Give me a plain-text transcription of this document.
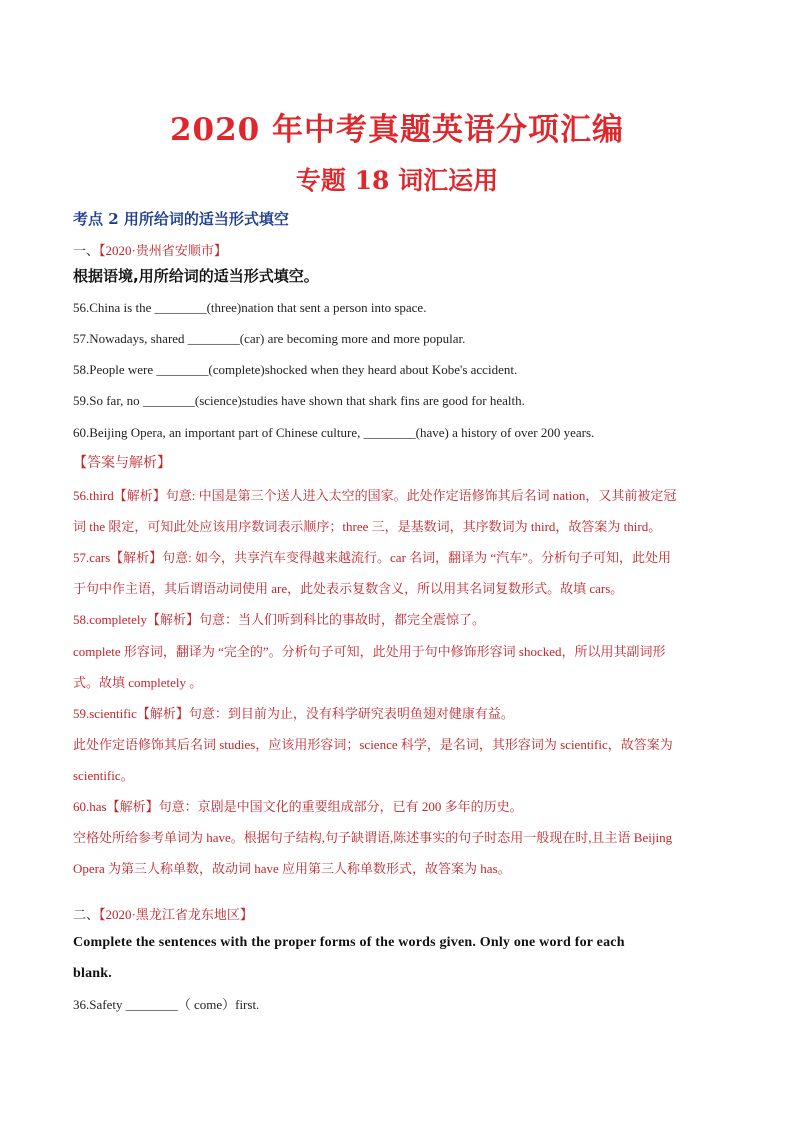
2020 年中考真题英语分项汇编
专题 18 词汇运用
考点 2 用所给词的适当形式填空
一、【2020·贵州省安顺市】
根据语境,用所给词的适当形式填空。
56.China is the ________(three)nation that sent a person into space.
57.Nowadays, shared ________(car) are becoming more and more popular.
58.People were ________(complete)shocked when they heard about Kobe's accident.
59.So far, no ________(science)studies have shown that shark fins are good for health.
60.Beijing Opera, an important part of Chinese culture, ________(have) a history of over 200 years.
【答案与解析】
56.third【解析】句意: 中国是第三个送人进入太空的国家。此处作定语修饰其后名词 nation，又其前被定冠
词 the 限定，可知此处应该用序数词表示顺序；three 三，是基数词，其序数词为 third，故答案为 third。
57.cars【解析】句意: 如今，共享汽车变得越来越流行。car 名词，翻译为 “汽车”。分析句子可知，此处用
于句中作主语，其后谓语动词使用 are，此处表示复数含义，所以用其名词复数形式。故填 cars。
58.completely【解析】句意：当人们听到科比的事故时，都完全震惊了。
complete 形容词，翻译为 “完全的”。分析句子可知，此处用于句中修饰形容词 shocked，所以用其副词形
式。故填 completely 。
59.scientific【解析】句意：到目前为止，没有科学研究表明鱼翅对健康有益。
此处作定语修饰其后名词 studies，应该用形容词；science 科学，是名词，其形容词为 scientific，故答案为
scientific。
60.has【解析】句意：京剧是中国文化的重要组成部分，已有 200 多年的历史。
空格处所给参考单词为 have。根据句子结构,句子缺谓语,陈述事实的句子时态用一般现在时,且主语 Beijing
Opera 为第三人称单数，故动词 have 应用第三人称单数形式，故答案为 has。
二、【2020·黑龙江省龙东地区】
Complete the sentences with the proper forms of the words given. Only one word for each
blank.
36.Safety ________（ come）first.
